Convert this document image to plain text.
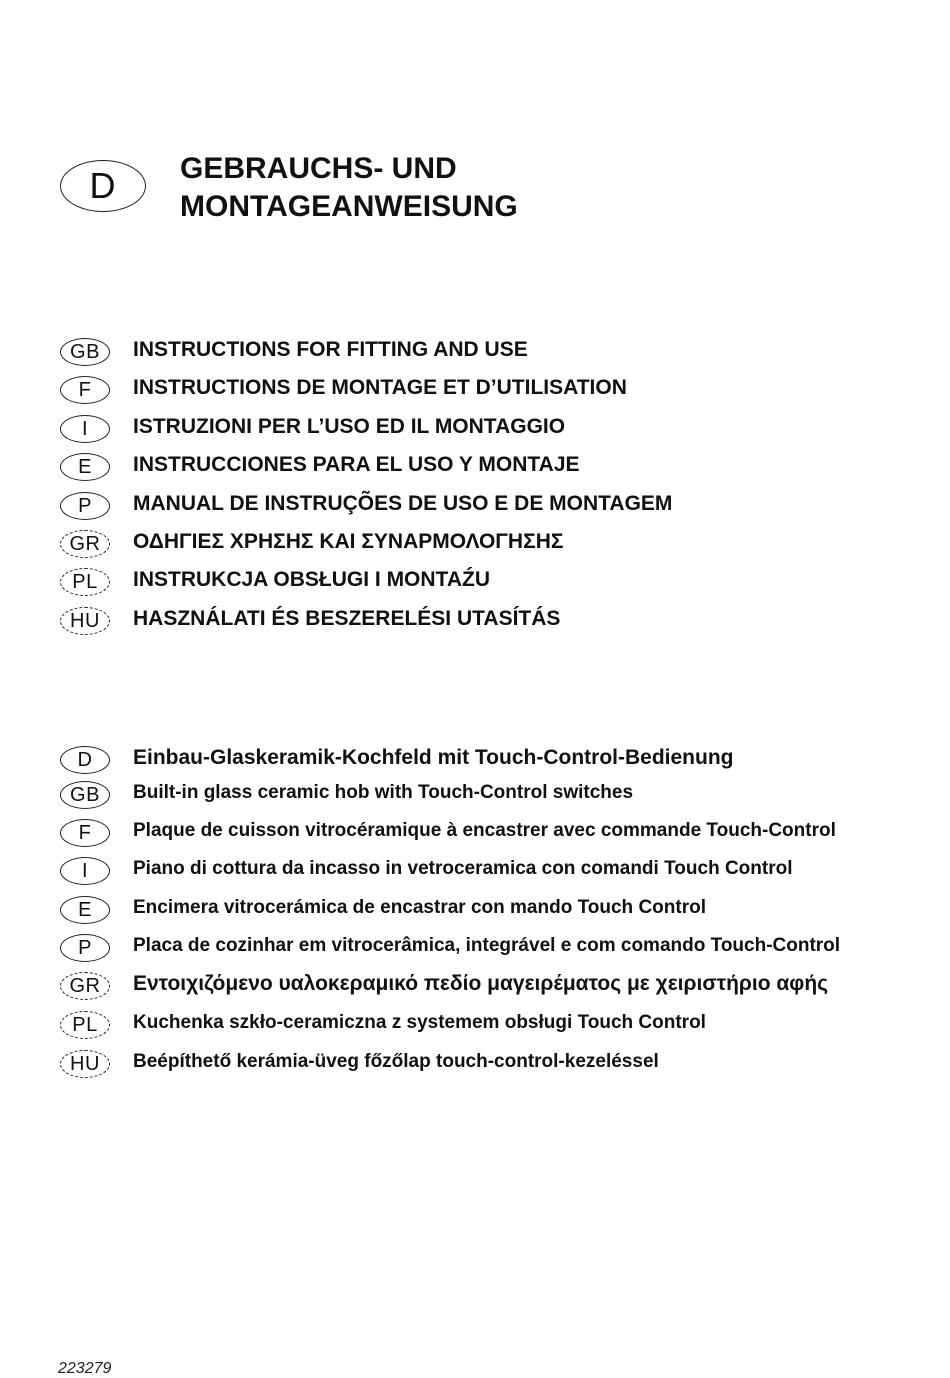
D GEBRAUCHS- UND
MONTAGEANWEISUNG
GB INSTRUCTIONS FOR FITTING AND USE

F INSTRUCTIONS DE MONTAGE ET D’UTILISATION

I ISTRUZIONI PER L’USO ED IL MONTAGGIO

E INSTRUCCIONES PARA EL USO Y MONTAJE

P MANUAL DE INSTRUÇÕES DE USO E DE MONTAGEM

GR ΟΔΗΓΙΕΣ ΧΡΗΣΗΣ ΚΑΙ ΣΥΝΑΡΜΟΛΟΓΗΣΗΣ

PL INSTRUKCJA OBSŁUGI I MONTAŹU

HU HASZNÁLATI ÉS BESZERELÉSI UTASÍTÁS

D Einbau-Glaskeramik-Kochfeld mit Touch-Control-Bedienung

GB Built-in glass ceramic hob with Touch-Control switches

F Plaque de cuisson vitrocéramique à encastrer avec commande Touch-Control

I Piano di cottura da incasso in vetroceramica con comandi Touch Control

E Encimera vitrocerámica de encastrar con mando Touch Control

P Placa de cozinhar em vitrocerâmica, integrável e com comando Touch-Control

GR Εντοιχιζόμενο υαλοκεραμικό πεδίο μαγειρέματος με χειριστήριο αφής

PL Kuchenka szkło-ceramiczna z systemem obsługi Touch Control

HU Beépíthető kerámia-üveg főzőlap touch-control-kezeléssel

223279
